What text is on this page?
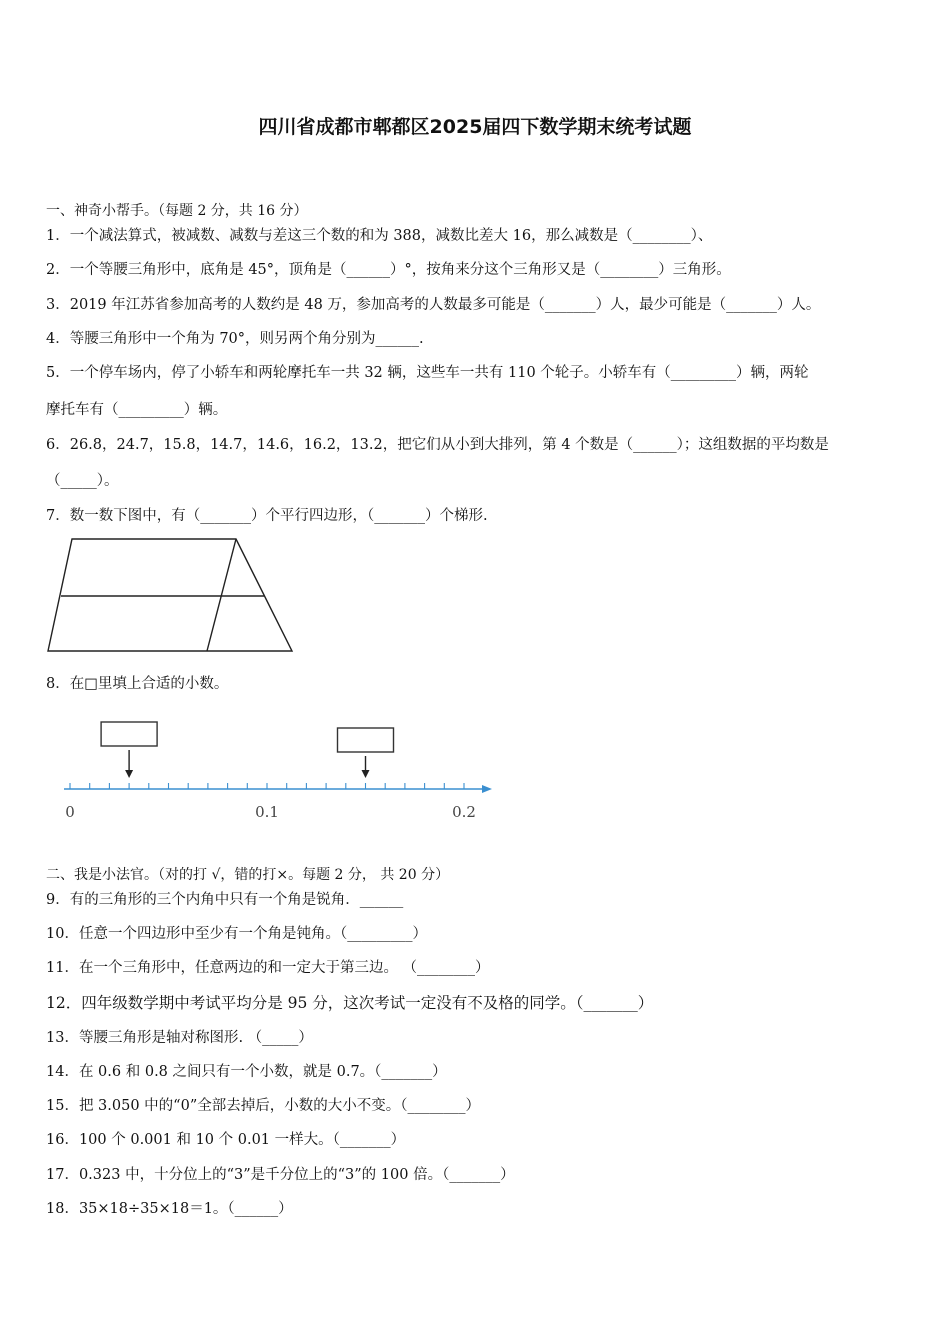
四川省成都市郫都区2025届四下数学期末统考试题
一、神奇小帮手。（每题 2 分，共 16 分）
1．一个减法算式，被减数、减数与差这三个数的和为 388，减数比差大 16，那么减数是（________）、
2．一个等腰三角形中，底角是 45°，顶角是（______）°，按角来分这个三角形又是（________）三角形。
3．2019 年江苏省参加高考的人数约是 48 万，参加高考的人数最多可能是（_______）人，最少可能是（_______）人。
4．等腰三角形中一个角为 70°，则另两个角分别为______.
5．一个停车场内，停了小轿车和两轮摩托车一共 32 辆，这些车一共有 110 个轮子。小轿车有（_________）辆，两轮
摩托车有（_________）辆。
6．26.8，24.7，15.8，14.7，14.6，16.2，13.2，把它们从小到大排列，第 4 个数是（______）；这组数据的平均数是
（_____）。
7．数一数下图中，有（_______）个平行四边形，（_______）个梯形.
8．在□里填上合适的小数。
0	0.1	0.2
二、我是小法官。（对的打 √，错的打×。每题 2 分， 共 20 分）
9．有的三角形的三个内角中只有一个角是锐角．______
10．任意一个四边形中至少有一个角是钝角。（_________）
11．在一个三角形中，任意两边的和一定大于第三边。 （________）
12．四年级数学期中考试平均分是 95 分，这次考试一定没有不及格的同学。（_______）
13．等腰三角形是轴对称图形. （_____）
14．在 0.6 和 0.8 之间只有一个小数，就是 0.7。（_______）
15．把 3.050 中的“0”全部去掉后，小数的大小不变。（________）
16．100 个 0.001 和 10 个 0.01 一样大。（_______）
17．0.323 中，十分位上的“3”是千分位上的“3”的 100 倍。（_______）
18．35×18÷35×18＝1。（______）
